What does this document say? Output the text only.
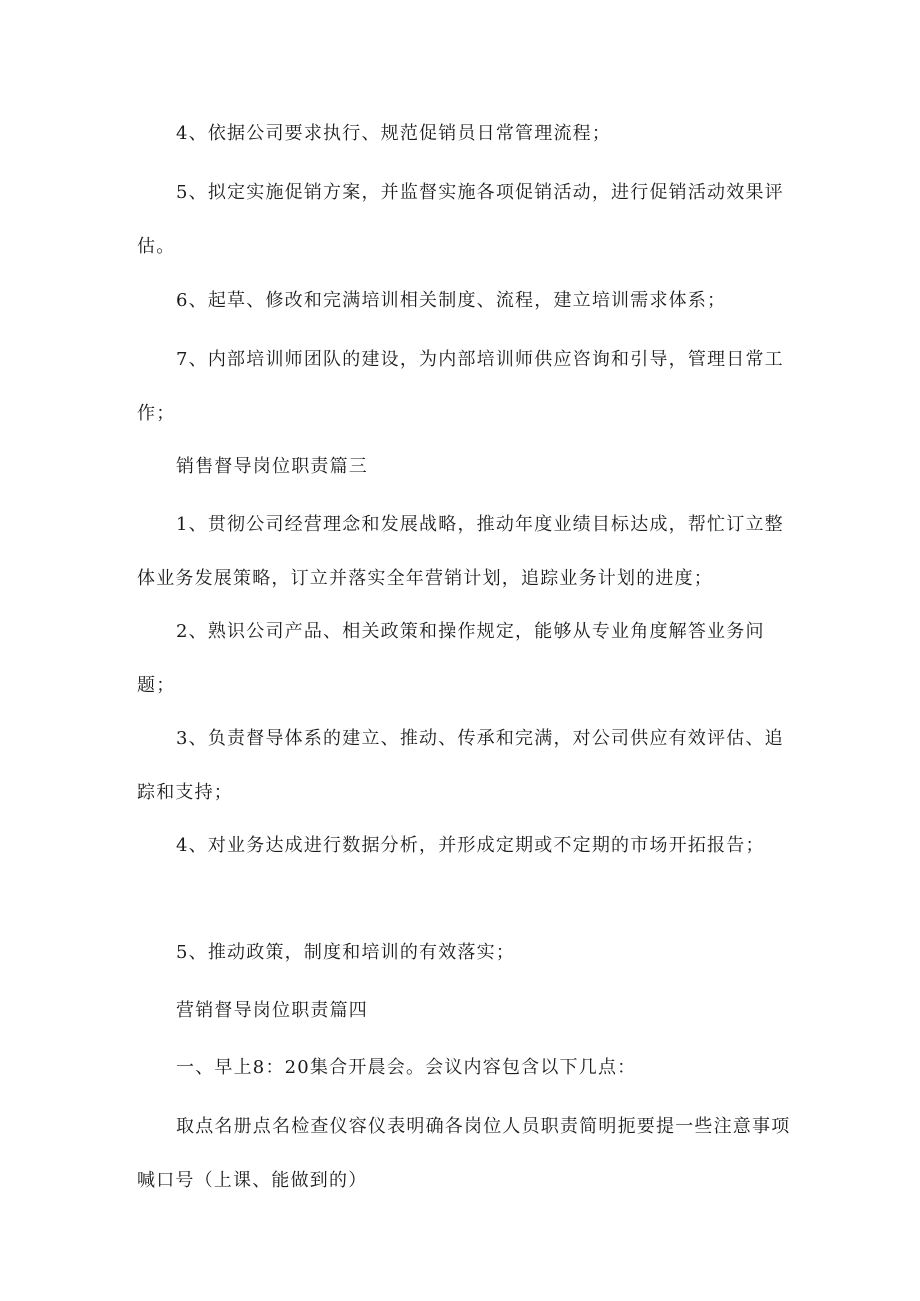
4、依据公司要求执行、规范促销员日常管理流程；

5、拟定实施促销方案，并监督实施各项促销活动，进行促销活动效果评估。

6、起草、修改和完满培训相关制度、流程，建立培训需求体系；

7、内部培训师团队的建设，为内部培训师供应咨询和引导，管理日常工作；

销售督导岗位职责篇三

1、贯彻公司经营理念和发展战略，推动年度业绩目标达成，帮忙订立整体业务发展策略，订立并落实全年营销计划，追踪业务计划的进度；

2、熟识公司产品、相关政策和操作规定，能够从专业角度解答业务问题；

3、负责督导体系的建立、推动、传承和完满，对公司供应有效评估、追踪和支持；

4、对业务达成进行数据分析，并形成定期或不定期的市场开拓报告；

5、推动政策，制度和培训的有效落实；

营销督导岗位职责篇四

一、早上8：20集合开晨会。会议内容包含以下几点：

取点名册点名检查仪容仪表明确各岗位人员职责简明扼要提一些注意事项喊口号（上课、能做到的）
